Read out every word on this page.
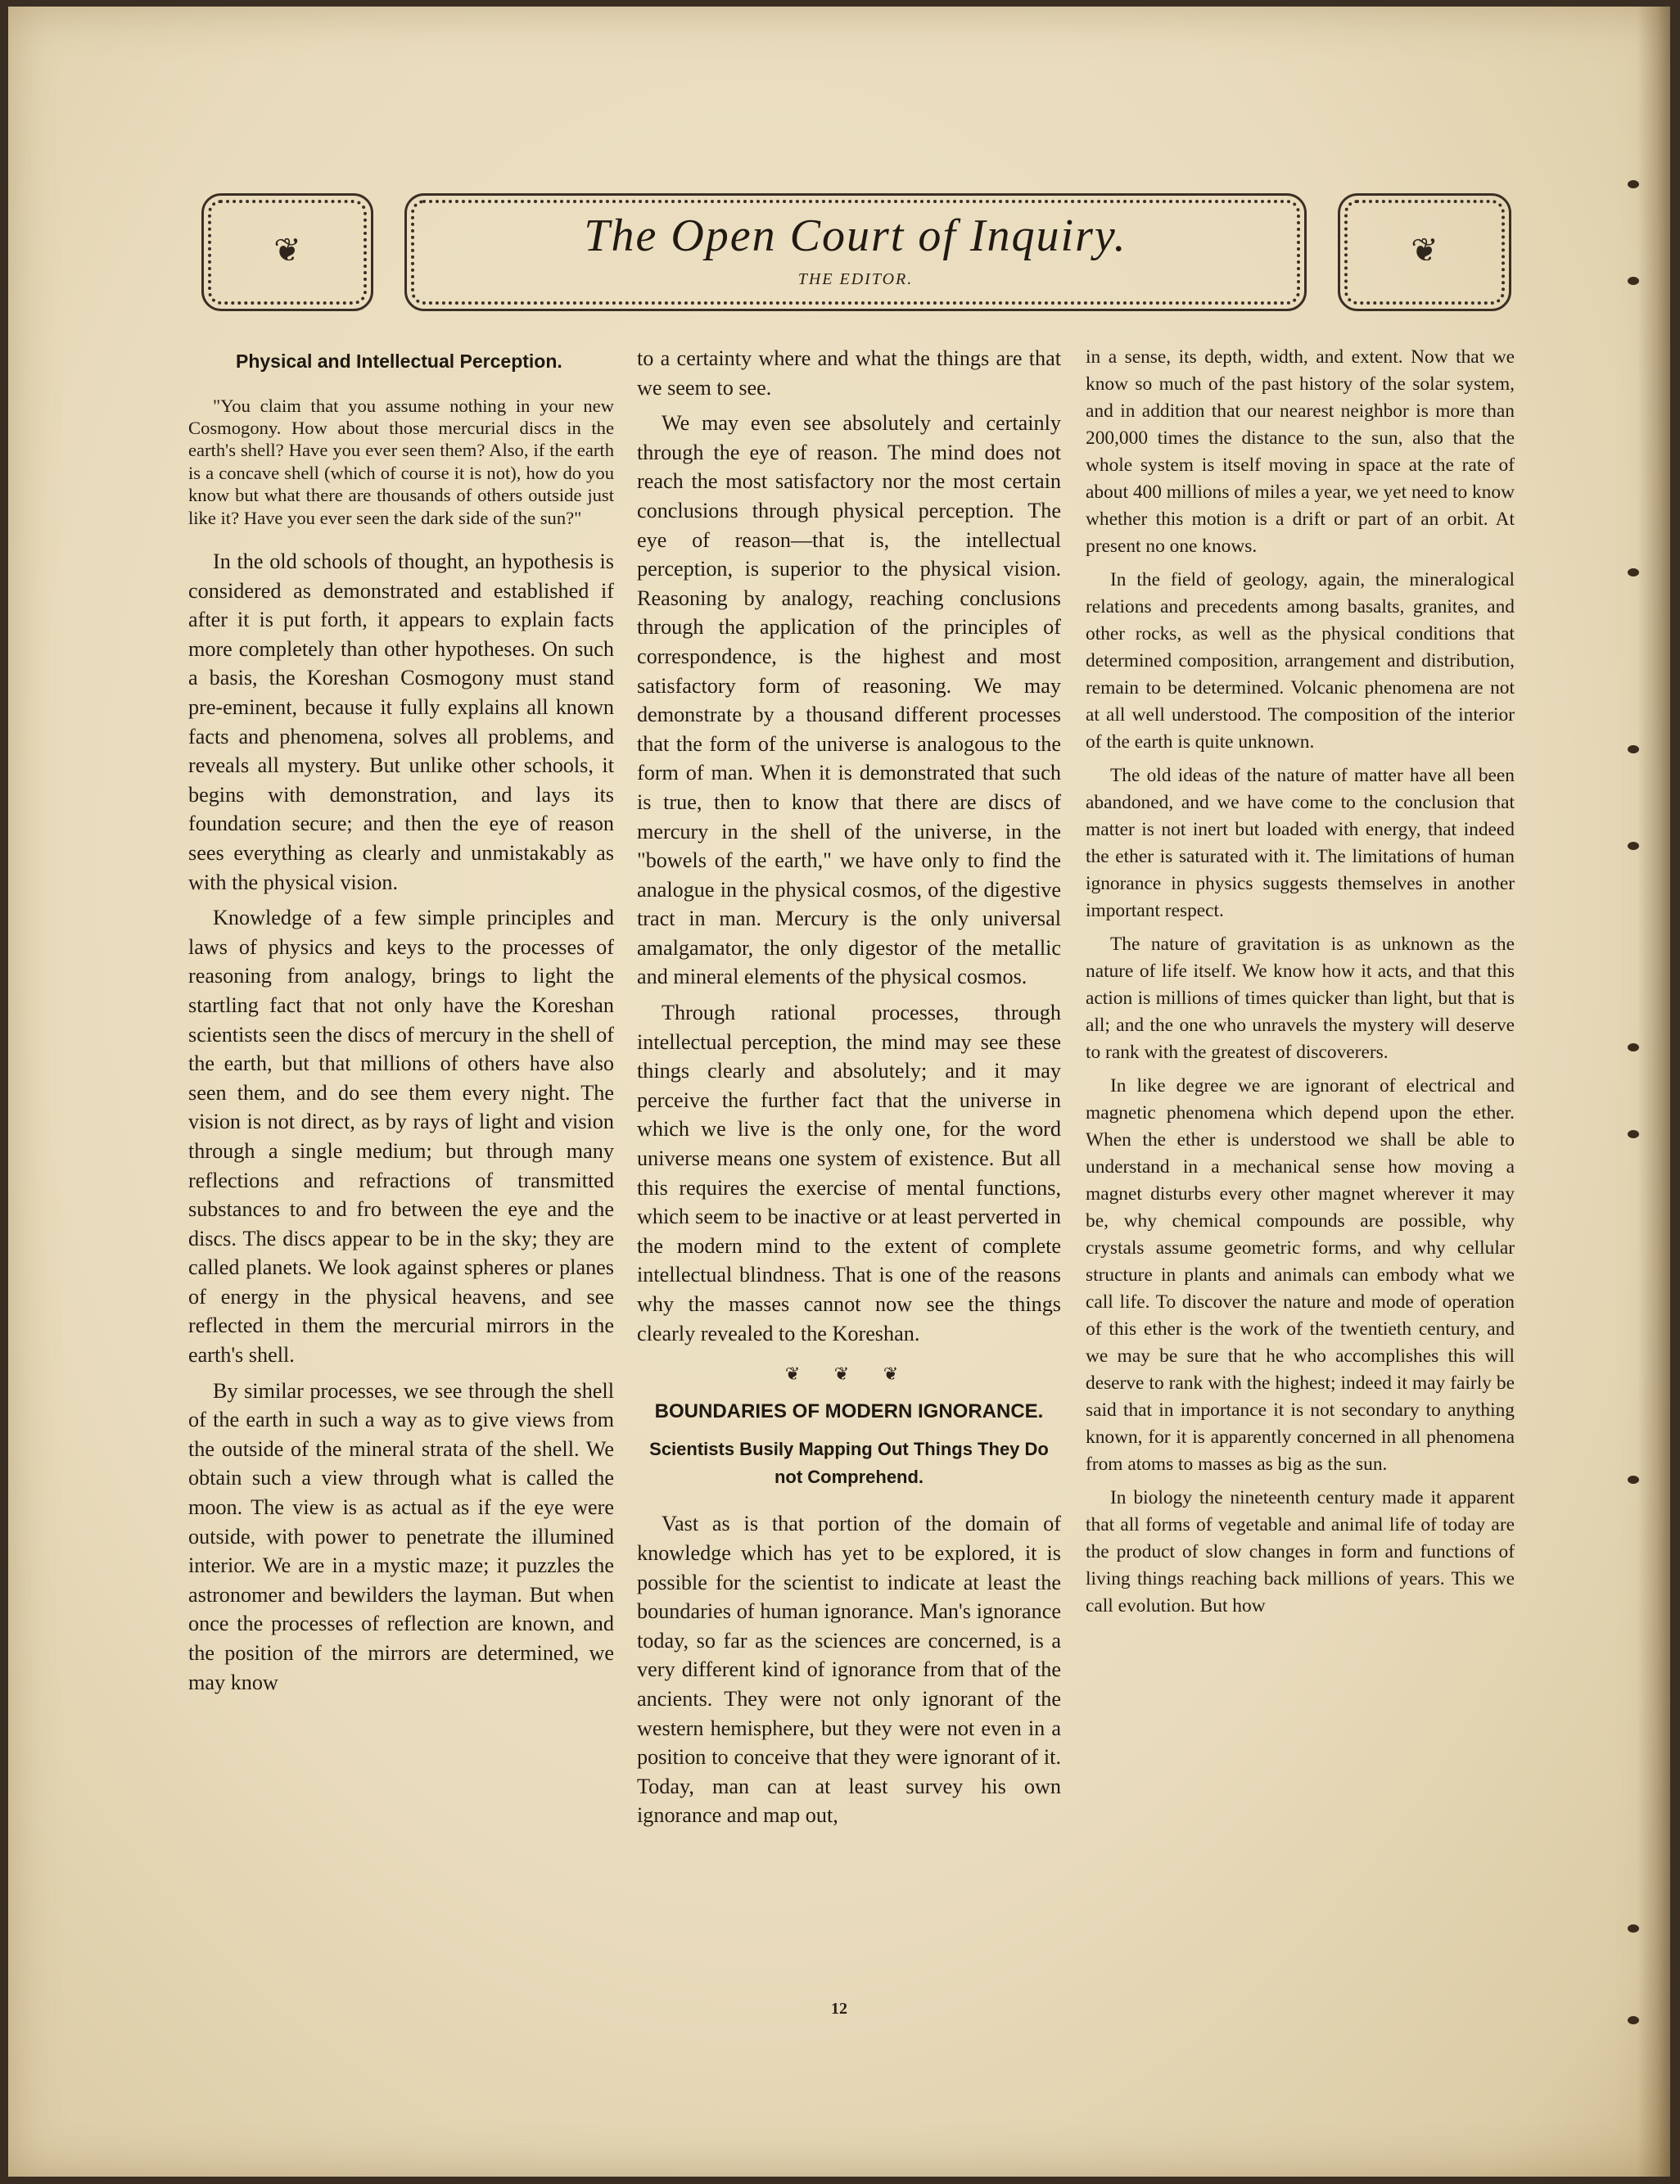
❦	The Open Court of Inquiry.
THE EDITOR.
❦
Physical and Intellectual Perception.

"You claim that you assume nothing in your new Cosmogony. How about those mercurial discs in the earth's shell? Have you ever seen them? Also, if the earth is a concave shell (which of course it is not), how do you know but what there are thousands of others outside just like it? Have you ever seen the dark side of the sun?"

In the old schools of thought, an hypothesis is considered as demonstrated and established if after it is put forth, it appears to explain facts more completely than other hypotheses. On such a basis, the Koreshan Cosmogony must stand pre-eminent, because it fully explains all known facts and phenomena, solves all problems, and reveals all mystery. But unlike other schools, it begins with demonstration, and lays its foundation secure; and then the eye of reason sees everything as clearly and unmistakably as with the physical vision.

Knowledge of a few simple principles and laws of physics and keys to the processes of reasoning from analogy, brings to light the startling fact that not only have the Koreshan scientists seen the discs of mercury in the shell of the earth, but that millions of others have also seen them, and do see them every night. The vision is not direct, as by rays of light and vision through a single medium; but through many reflections and refractions of transmitted substances to and fro between the eye and the discs. The discs appear to be in the sky; they are called planets. We look against spheres or planes of energy in the physical heavens, and see reflected in them the mercurial mirrors in the earth's shell.

By similar processes, we see through the shell of the earth in such a way as to give views from the outside of the mineral strata of the shell. We obtain such a view through what is called the moon. The view is as actual as if the eye were outside, with power to penetrate the illumined interior. We are in a mystic maze; it puzzles the astronomer and bewilders the layman. But when once the processes of reflection are known, and the position of the mirrors are determined, we may know

to a certainty where and what the things are that we seem to see.

We may even see absolutely and certainly through the eye of reason. The mind does not reach the most satisfactory nor the most certain conclusions through physical perception. The eye of reason—that is, the intellectual perception, is superior to the physical vision. Reasoning by analogy, reaching conclusions through the application of the principles of correspondence, is the highest and most satisfactory form of reasoning. We may demonstrate by a thousand different processes that the form of the universe is analogous to the form of man. When it is demonstrated that such is true, then to know that there are discs of mercury in the shell of the universe, in the "bowels of the earth," we have only to find the analogue in the physical cosmos, of the digestive tract in man. Mercury is the only universal amalgamator, the only digestor of the metallic and mineral elements of the physical cosmos.

Through rational processes, through intellectual perception, the mind may see these things clearly and absolutely; and it may perceive the further fact that the universe in which we live is the only one, for the word universe means one system of existence. But all this requires the exercise of mental functions, which seem to be inactive or at least perverted in the modern mind to the extent of complete intellectual blindness. That is one of the reasons why the masses cannot now see the things clearly revealed to the Koreshan.

❦ ❦ ❦
BOUNDARIES OF MODERN IGNORANCE.
Scientists Busily Mapping Out Things They Do not Comprehend.

Vast as is that portion of the domain of knowledge which has yet to be explored, it is possible for the scientist to indicate at least the boundaries of human ignorance. Man's ignorance today, so far as the sciences are concerned, is a very different kind of ignorance from that of the ancients. They were not only ignorant of the western hemisphere, but they were not even in a position to conceive that they were ignorant of it. Today, man can at least survey his own ignorance and map out,

in a sense, its depth, width, and extent. Now that we know so much of the past history of the solar system, and in addition that our nearest neighbor is more than 200,000 times the distance to the sun, also that the whole system is itself moving in space at the rate of about 400 millions of miles a year, we yet need to know whether this motion is a drift or part of an orbit. At present no one knows.

In the field of geology, again, the mineralogical relations and precedents among basalts, granites, and other rocks, as well as the physical conditions that determined composition, arrangement and distribution, remain to be determined. Volcanic phenomena are not at all well understood. The composition of the interior of the earth is quite unknown.

The old ideas of the nature of matter have all been abandoned, and we have come to the conclusion that matter is not inert but loaded with energy, that indeed the ether is saturated with it. The limitations of human ignorance in physics suggests themselves in another important respect.

The nature of gravitation is as unknown as the nature of life itself. We know how it acts, and that this action is millions of times quicker than light, but that is all; and the one who unravels the mystery will deserve to rank with the greatest of discoverers.

In like degree we are ignorant of electrical and magnetic phenomena which depend upon the ether. When the ether is understood we shall be able to understand in a mechanical sense how moving a magnet disturbs every other magnet wherever it may be, why chemical compounds are possible, why crystals assume geometric forms, and why cellular structure in plants and animals can embody what we call life. To discover the nature and mode of operation of this ether is the work of the twentieth century, and we may be sure that he who accomplishes this will deserve to rank with the highest; indeed it may fairly be said that in importance it is not secondary to anything known, for it is apparently concerned in all phenomena from atoms to masses as big as the sun.

In biology the nineteenth century made it apparent that all forms of vegetable and animal life of today are the product of slow changes in form and functions of living things reaching back millions of years. This we call evolution. But how

12
